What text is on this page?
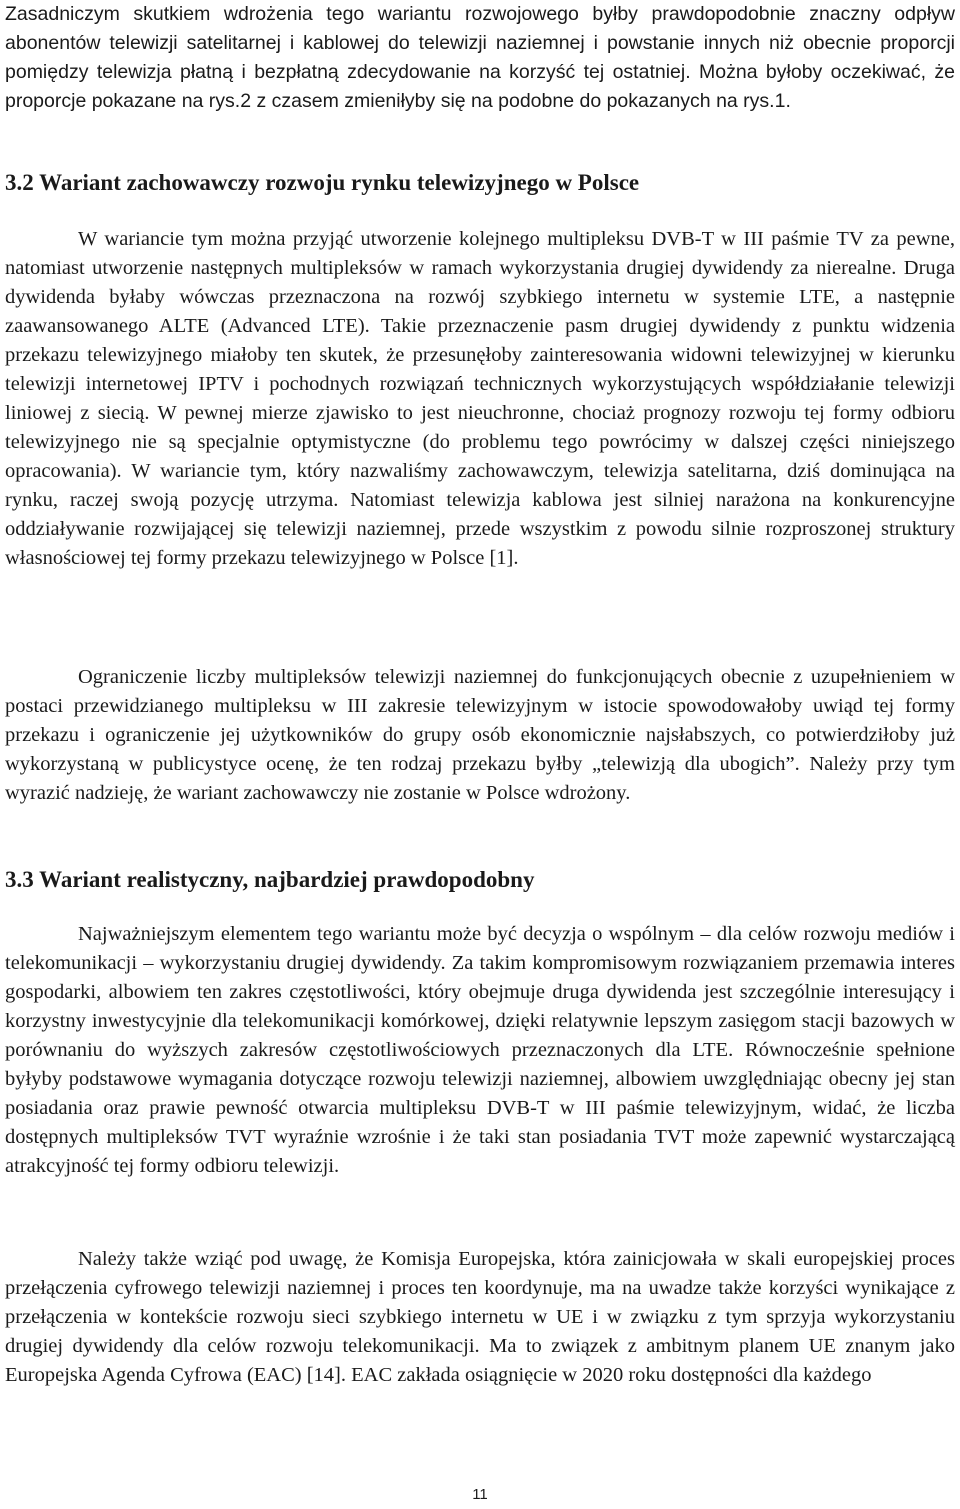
Zasadniczym skutkiem wdrożenia tego wariantu rozwojowego byłby prawdopodobnie znaczny odpływ abonentów telewizji satelitarnej i kablowej do telewizji naziemnej i powstanie innych niż obecnie proporcji pomiędzy telewizja płatną i bezpłatną zdecydowanie na korzyść tej ostatniej. Można byłoby oczekiwać, że proporcje pokazane na rys.2 z czasem zmieniłyby się na podobne do pokazanych na rys.1.

3.2 Wariant zachowawczy rozwoju rynku telewizyjnego w Polsce

W wariancie tym można przyjąć utworzenie kolejnego multipleksu DVB-T w III paśmie TV za pewne, natomiast utworzenie następnych multipleksów w ramach wykorzystania drugiej dywidendy za nierealne. Druga dywidenda byłaby wówczas przeznaczona na rozwój szybkiego internetu w systemie LTE, a następnie zaawansowanego ALTE (Advanced LTE). Takie przeznaczenie pasm drugiej dywidendy z punktu widzenia przekazu telewizyjnego miałoby ten skutek, że przesunęłoby zainteresowania widowni telewizyjnej w kierunku telewizji internetowej IPTV i pochodnych rozwiązań technicznych wykorzystujących współdziałanie telewizji liniowej z siecią. W pewnej mierze zjawisko to jest nieuchronne, chociaż prognozy rozwoju tej formy odbioru telewizyjnego nie są specjalnie optymistyczne (do problemu tego powrócimy w dalszej części niniejszego opracowania). W wariancie tym, który nazwaliśmy zachowawczym, telewizja satelitarna, dziś dominująca na rynku, raczej swoją pozycję utrzyma. Natomiast telewizja kablowa jest silniej narażona na konkurencyjne oddziaływanie rozwijającej się telewizji naziemnej, przede wszystkim z powodu silnie rozproszonej struktury własnościowej tej formy przekazu telewizyjnego w Polsce [1].

Ograniczenie liczby multipleksów telewizji naziemnej do funkcjonujących obecnie z uzupełnieniem w postaci przewidzianego multipleksu w III zakresie telewizyjnym w istocie spowodowałoby uwiąd tej formy przekazu i ograniczenie jej użytkowników do grupy osób ekonomicznie najsłabszych, co potwierdziłoby już wykorzystaną w publicystyce ocenę, że ten rodzaj przekazu byłby „telewizją dla ubogich”. Należy przy tym wyrazić nadzieję, że wariant zachowawczy nie zostanie w Polsce wdrożony.

3.3 Wariant realistyczny, najbardziej prawdopodobny

Najważniejszym elementem tego wariantu może być decyzja o wspólnym – dla celów rozwoju mediów i telekomunikacji – wykorzystaniu drugiej dywidendy. Za takim kompromisowym rozwiązaniem przemawia interes gospodarki, albowiem ten zakres częstotliwości, który obejmuje druga dywidenda jest szczególnie interesujący i korzystny inwestycyjnie dla telekomunikacji komórkowej, dzięki relatywnie lepszym zasięgom stacji bazowych w porównaniu do wyższych zakresów częstotliwościowych przeznaczonych dla LTE. Równocześnie spełnione byłyby podstawowe wymagania dotyczące rozwoju telewizji naziemnej, albowiem uwzględniając obecny jej stan posiadania oraz prawie pewność otwarcia multipleksu DVB-T w III paśmie telewizyjnym, widać, że liczba dostępnych multipleksów TVT wyraźnie wzrośnie i że taki stan posiadania TVT może zapewnić wystarczającą atrakcyjność tej formy odbioru telewizji.

Należy także wziąć pod uwagę, że Komisja Europejska, która zainicjowała w skali europejskiej proces przełączenia cyfrowego telewizji naziemnej i proces ten koordynuje, ma na uwadze także korzyści wynikające z przełączenia w kontekście rozwoju sieci szybkiego internetu w UE i w związku z tym sprzyja wykorzystaniu drugiej dywidendy dla celów rozwoju telekomunikacji. Ma to związek z ambitnym planem UE znanym jako Europejska Agenda Cyfrowa (EAC) [14]. EAC zakłada osiągnięcie w 2020 roku dostępności dla każdego

11
